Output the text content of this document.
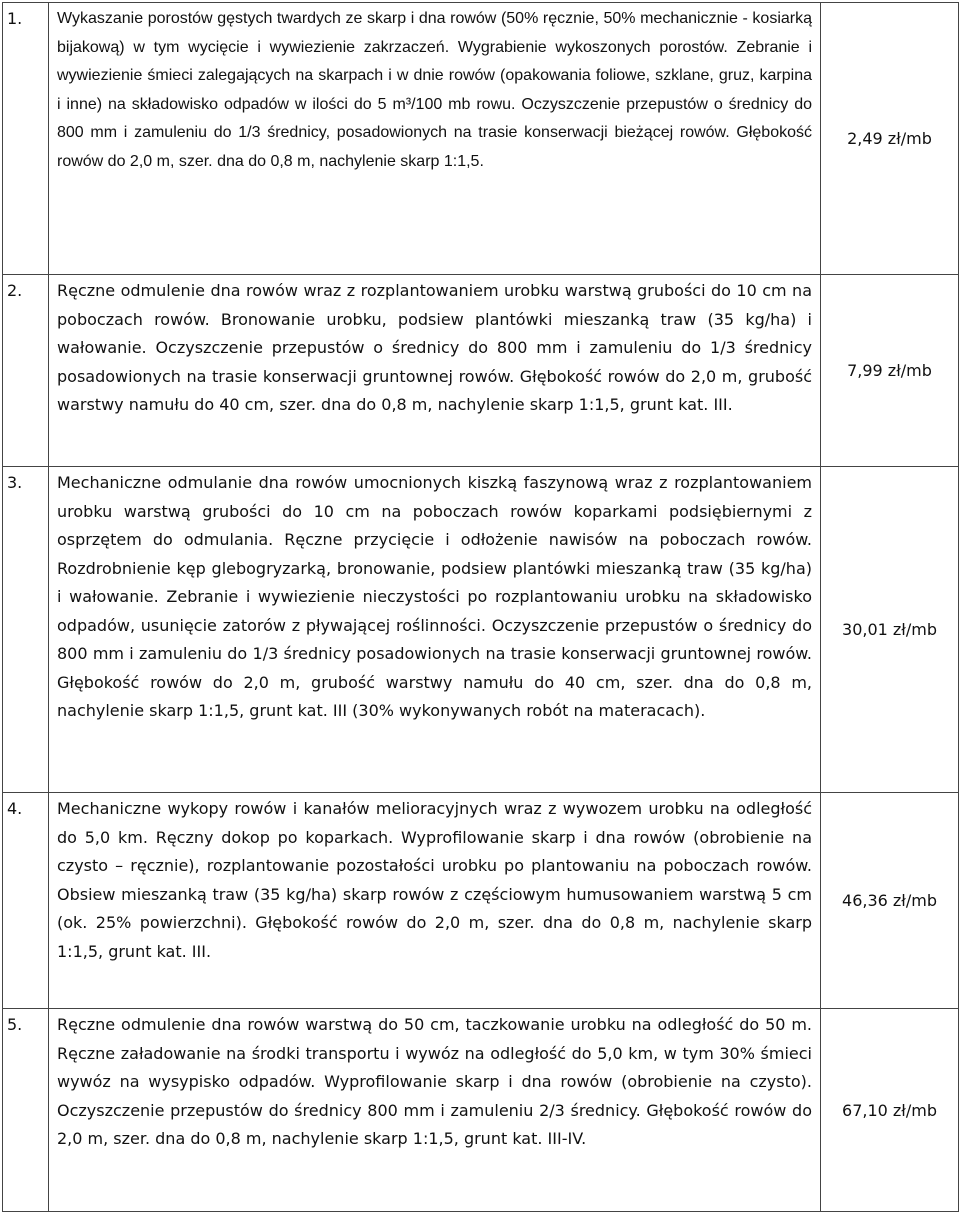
1.	Wykaszanie porostów gęstych twardych ze skarp i dna rowów (50% ręcznie, 50% mechanicznie - kosiarką bijakową) w tym wycięcie i wywiezienie zakrzaczeń. Wygrabienie wykoszonych porostów. Zebranie i wywiezienie śmieci zalegających na skarpach i w dnie rowów (opakowania foliowe, szklane, gruz, karpina i inne) na składowisko odpadów w ilości do 5 m³/100 mb rowu. Oczyszczenie przepustów o średnicy do 800 mm i zamuleniu do 1/3 średnicy, posadowionych na trasie konserwacji bieżącej rowów. Głębokość rowów do 2,0 m, szer. dna do 0,8 m, nachylenie skarp 1:1,5.	2,49 zł/mb
2.	Ręczne odmulenie dna rowów wraz z rozplantowaniem urobku warstwą grubości do 10 cm na poboczach rowów. Bronowanie urobku, podsiew plantówki mieszanką traw (35 kg/ha) i wałowanie. Oczyszczenie przepustów o średnicy do 800 mm i zamuleniu do 1/3 średnicy posadowionych na trasie konserwacji gruntownej rowów. Głębokość rowów do 2,0 m, grubość warstwy namułu do 40 cm, szer. dna do 0,8 m, nachylenie skarp 1:1,5, grunt kat. III.	7,99 zł/mb
3.	Mechaniczne odmulanie dna rowów umocnionych kiszką faszynową wraz z rozplantowaniem urobku warstwą grubości do 10 cm na poboczach rowów koparkami podsiębiernymi z osprzętem do odmulania. Ręczne przycięcie i odłożenie nawisów na poboczach rowów. Rozdrobnienie kęp glebogryzarką, bronowanie, podsiew plantówki mieszanką traw (35 kg/ha) i wałowanie. Zebranie i wywiezienie nieczystości po rozplantowaniu urobku na składowisko odpadów, usunięcie zatorów z pływającej roślinności. Oczyszczenie przepustów o średnicy do 800 mm i zamuleniu do 1/3 średnicy posadowionych na trasie konserwacji gruntownej rowów. Głębokość rowów do 2,0 m, grubość warstwy namułu do 40 cm, szer. dna do 0,8 m, nachylenie skarp 1:1,5, grunt kat. III (30% wykonywanych robót na materacach).	30,01 zł/mb
4.	Mechaniczne wykopy rowów i kanałów melioracyjnych wraz z wywozem urobku na odległość do 5,0 km. Ręczny dokop po koparkach. Wyprofilowanie skarp i dna rowów (obrobienie na czysto – ręcznie), rozplantowanie pozostałości urobku po plantowaniu na poboczach rowów. Obsiew mieszanką traw (35 kg/ha) skarp rowów z częściowym humusowaniem warstwą 5 cm (ok. 25% powierzchni). Głębokość rowów do 2,0 m, szer. dna do 0,8 m, nachylenie skarp 1:1,5, grunt kat. III.	46,36 zł/mb
5.	Ręczne odmulenie dna rowów warstwą do 50 cm, taczkowanie urobku na odległość do 50 m. Ręczne załadowanie na środki transportu i wywóz na odległość do 5,0 km, w tym 30% śmieci wywóz na wysypisko odpadów. Wyprofilowanie skarp i dna rowów (obrobienie na czysto). Oczyszczenie przepustów do średnicy 800 mm i zamuleniu 2/3 średnicy. Głębokość rowów do 2,0 m, szer. dna do 0,8 m, nachylenie skarp 1:1,5, grunt kat. III-IV.	67,10 zł/mb
